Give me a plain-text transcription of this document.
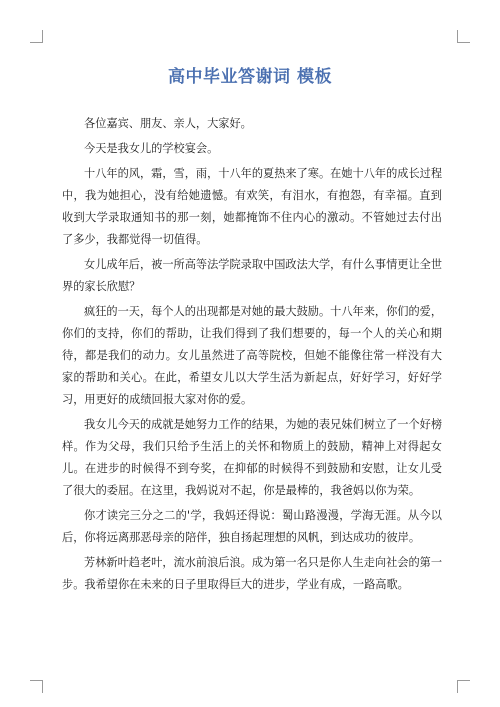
高中毕业答谢词 模板

各位嘉宾、朋友、亲人，大家好。

今天是我女儿的学校宴会。

十八年的风，霜，雪，雨，十八年的夏热来了寒。在她十八年的成长过程中，我为她担心，没有给她遗憾。有欢笑，有泪水，有抱怨，有幸福。直到收到大学录取通知书的那一刻，她都掩饰不住内心的激动。不管她过去付出了多少，我都觉得一切值得。

女儿成年后，被一所高等法学院录取中国政法大学，有什么事情更让全世界的家长欣慰？

疯狂的一天，每个人的出现都是对她的最大鼓励。十八年来，你们的爱，你们的支持，你们的帮助，让我们得到了我们想要的，每一个人的关心和期待，都是我们的动力。女儿虽然进了高等院校，但她不能像往常一样没有大家的帮助和关心。在此，希望女儿以大学生活为新起点，好好学习，好好学习，用更好的成绩回报大家对你的爱。

我女儿今天的成就是她努力工作的结果，为她的表兄妹们树立了一个好榜样。作为父母，我们只给予生活上的关怀和物质上的鼓励，精神上对得起女儿。在进步的时候得不到夸奖，在抑郁的时候得不到鼓励和安慰，让女儿受了很大的委屈。在这里，我妈说对不起，你是最棒的，我爸妈以你为荣。

你才读完三分之二的'学，我妈还得说：蜀山路漫漫，学海无涯。从今以后，你将远离那恶母亲的陪伴，独自扬起理想的风帆，到达成功的彼岸。

芳林新叶趋老叶，流水前浪后浪。成为第一名只是你人生走向社会的第一步。我希望你在未来的日子里取得巨大的进步，学业有成，一路高歌。
